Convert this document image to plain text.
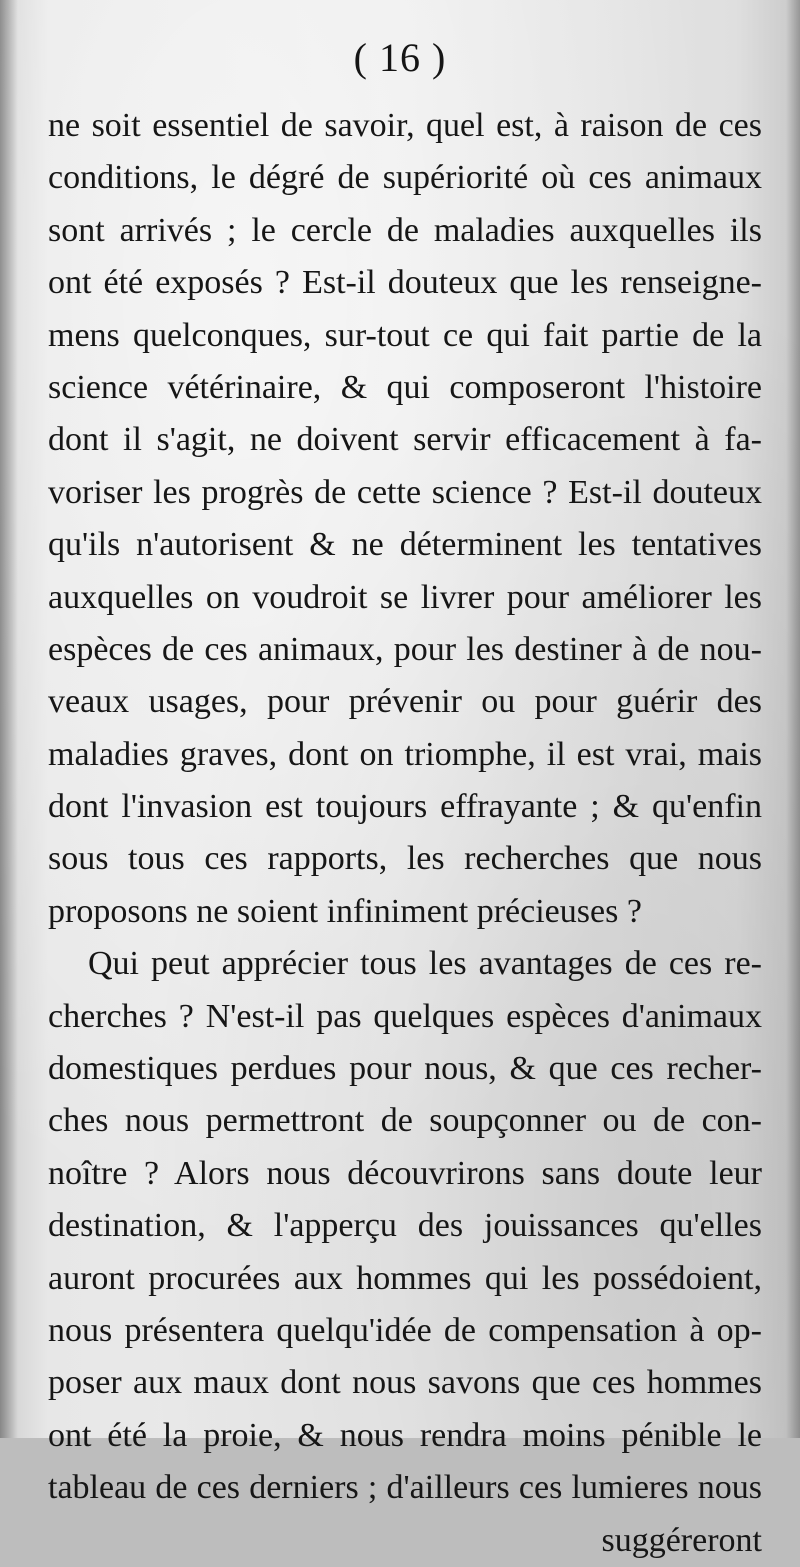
( 16 )
ne soit essentiel de savoir, quel est, à raison de ces
conditions, le dégré de supériorité où ces animaux
sont arrivés ; le cercle de maladies auxquelles ils
ont été exposés ? Est-il douteux que les renseigne-
mens quelconques, sur-tout ce qui fait partie de la
science vétérinaire, & qui composeront l'histoire
dont il s'agit, ne doivent servir efficacement à fa-
voriser les progrès de cette science ? Est-il douteux
qu'ils n'autorisent & ne déterminent les tentatives
auxquelles on voudroit se livrer pour améliorer les
espèces de ces animaux, pour les destiner à de nou-
veaux usages, pour prévenir ou pour guérir des
maladies graves, dont on triomphe, il est vrai, mais
dont l'invasion est toujours effrayante ; & qu'enfin
sous tous ces rapports, les recherches que nous
proposons ne soient infiniment précieuses ?
Qui peut apprécier tous les avantages de ces re-
cherches ? N'est-il pas quelques espèces d'animaux
domestiques perdues pour nous, & que ces recher-
ches nous permettront de soupçonner ou de con-
noître ? Alors nous découvrirons sans doute leur
destination, & l'apperçu des jouissances qu'elles
auront procurées aux hommes qui les possédoient,
nous présentera quelqu'idée de compensation à op-
poser aux maux dont nous savons que ces hommes
ont été la proie, & nous rendra moins pénible le
tableau de ces derniers ; d'ailleurs ces lumieres nous
suggéreront
